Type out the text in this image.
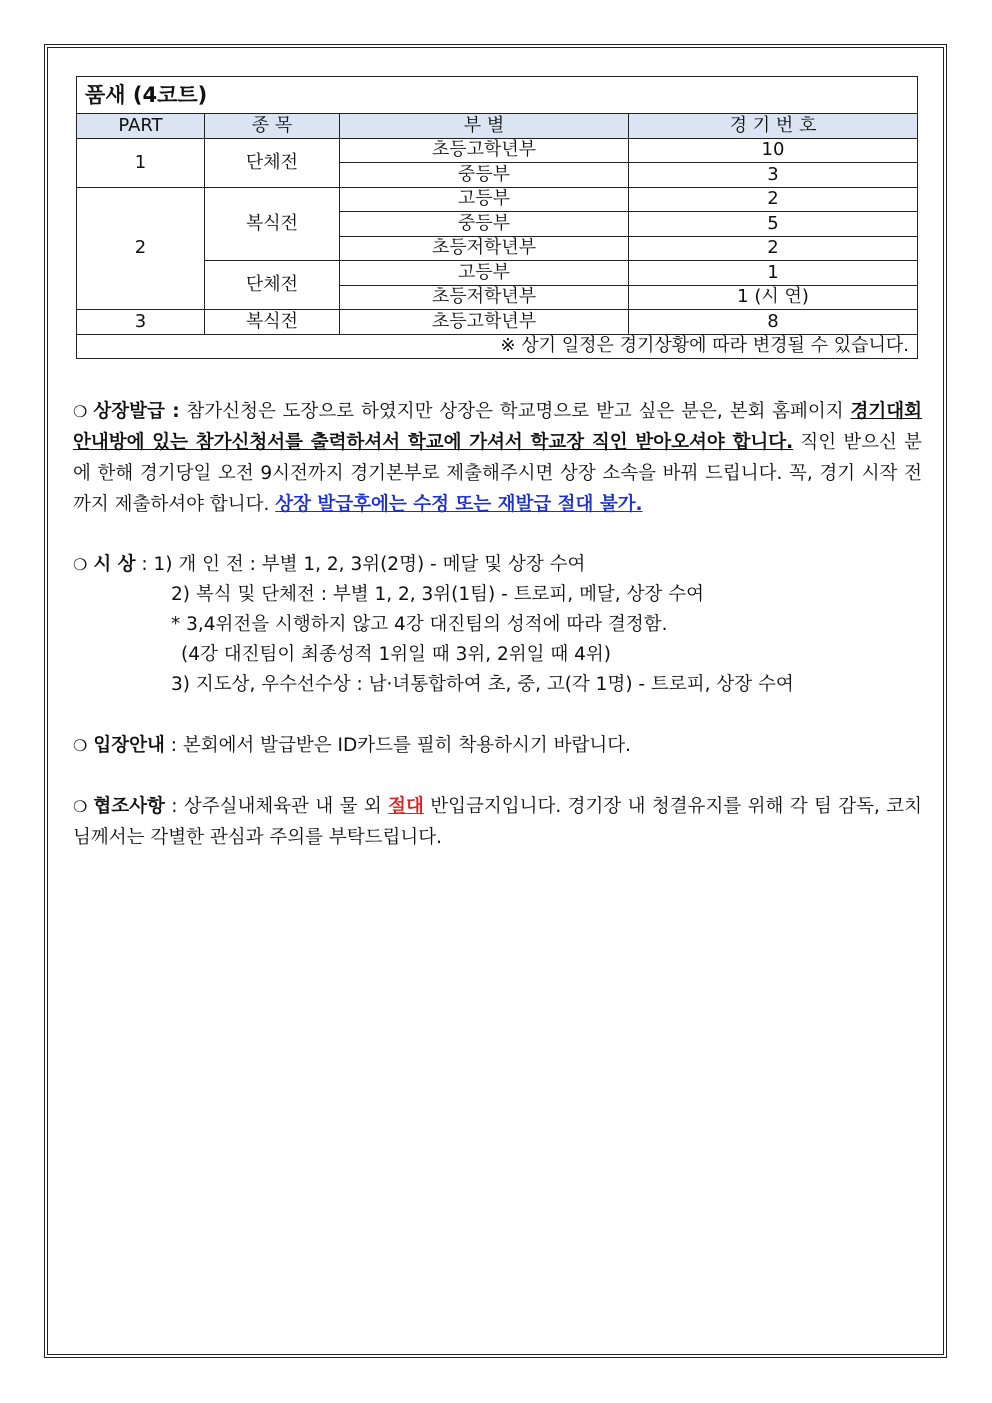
품새 (4코트)			
PART	종 목	부 별	경 기 번 호
1	단체전	초등고학년부	10
		중등부	3
2	복식전	고등부	2
		중등부	5
		초등저학년부	2
	단체전	고등부	1
		초등저학년부	1 (시 연)
3	복식전	초등고학년부	8
※ 상기 일정은 경기상황에 따라 변경될 수 있습니다.			

❍ 상장발급 : 참가신청은 도장으로 하였지만 상장은 학교명으로 받고 싶은 분은, 본회 홈페이지 경기대회안내방에 있는 참가신청서를 출력하셔서 학교에 가셔서 학교장 직인 받아오셔야 합니다. 직인 받으신 분에 한해 경기당일 오전 9시전까지 경기본부로 제출해주시면 상장 소속을 바꿔 드립니다. 꼭, 경기 시작 전까지 제출하셔야 합니다. 상장 발급후에는 수정 또는 재발급 절대 불가.

❍ 시 상 : 1) 개 인 전 : 부별 1, 2, 3위(2명) - 메달 및 상장 수여

2) 복식 및 단체전 : 부별 1, 2, 3위(1팀) - 트로피, 메달, 상장 수여

* 3,4위전을 시행하지 않고 4강 대진팀의 성적에 따라 결정함.

(4강 대진팀이 최종성적 1위일 때 3위, 2위일 때 4위)

3) 지도상, 우수선수상 : 남·녀통합하여 초, 중, 고(각 1명) - 트로피, 상장 수여

❍ 입장안내 : 본회에서 발급받은 ID카드를 필히 착용하시기 바랍니다.

❍ 협조사항 : 상주실내체육관 내 물 외 절대 반입금지입니다. 경기장 내 청결유지를 위해 각 팀 감독, 코치님께서는 각별한 관심과 주의를 부탁드립니다.
